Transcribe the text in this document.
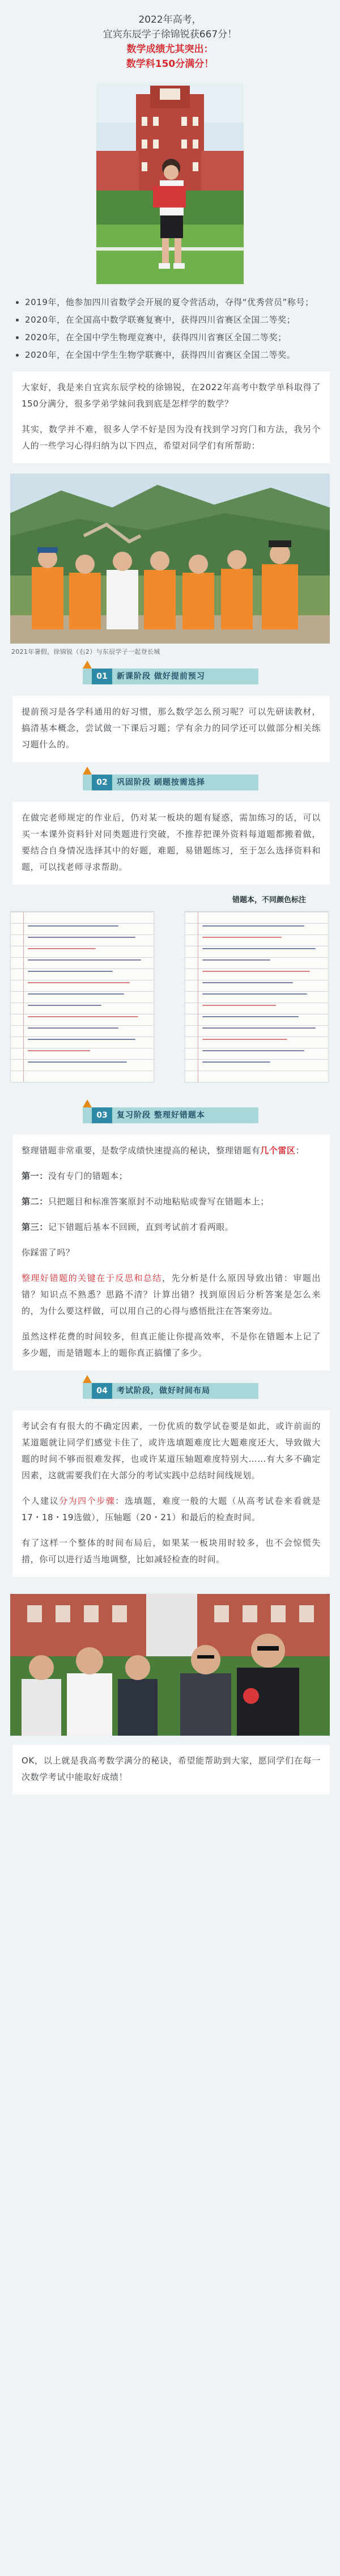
2022年高考，
宜宾东辰学子徐锦锐获667分！
数学成绩尤其突出：
数学科150分满分！
• 2019年，他参加四川省数学会开展的夏令营活动，夺得“优秀营员”称号；
• 2020年，在全国高中数学联赛复赛中，获得四川省赛区全国二等奖；
• 2020年，在全国中学生物理竞赛中，获得四川省赛区全国二等奖；
• 2020年，在全国中学生生物学联赛中，获得四川省赛区全国二等奖。

大家好，我是来自宜宾东辰学校的徐锦锐，在2022年高考中数学单科取得了150分满分，很多学弟学妹问我到底是怎样学的数学？

其实，数学并不难，很多人学不好是因为没有找到学习窍门和方法，我另个人的一些学习心得归纳为以下四点，希望对同学们有所帮助：

2021年暑假，徐锦锐（右2）与东辰学子一起登长城
01	新课阶段 做好提前预习

提前预习是各学科通用的好习惯，那么数学怎么预习呢？可以先研读教材，搞清基本概念，尝试做一下课后习题；学有余力的同学还可以做部分相关练习题什么的。

02	巩固阶段 刷题按需选择

在做完老师规定的作业后，仍对某一板块的题有疑惑，需加练习的话，可以买一本课外资料针对同类题进行突破，不推荐把课外资料每道题都搬着做，要结合自身情况选择其中的好题，难题，易错题练习，至于怎么选择资料和题，可以找老师寻求帮助。

错题本，不同颜色标注
03	复习阶段 整理好错题本

整理错题非常重要，是数学成绩快速提高的秘诀，整理错题有几个雷区：

第一：没有专门的错题本；

第二：只把题目和标准答案原封不动地粘贴或誊写在错题本上；

第三：记下错题后基本不回顾，直到考试前才看两眼。

你踩雷了吗？

整理好错题的关键在于反思和总结，先分析是什么原因导致出错：审题出错？知识点不熟悉？思路不清？计算出错？找到原因后分析答案是怎么来的，为什么要这样做，可以用自己的心得与感悟批注在答案旁边。

虽然这样花费的时间较多，但真正能让你提高效率，不是你在错题本上记了多少题，而是错题本上的题你真正搞懂了多少。

04	考试阶段，做好时间布局

考试会有有很大的不确定因素，一份优质的数学试卷要是如此，或许前面的某道题就让同学们感觉卡住了，或许选填题难度比大题难度还大，导致做大题的时间不够而很难发挥，也或许某道压轴题难度特别大……有大多不确定因素，这就需要我们在大部分的考试实践中总结时间线规划。

个人建议分为四个步骤：选填题，难度一般的大题（从高考试卷来看就是17・18・19选做），压轴题（20・21）和最后的检查时间。

有了这样一个整体的时间布局后，如果某一板块用时较多，也不会惊慌失措，你可以进行适当地调整，比如减轻检查的时间。

OK，以上就是我高考数学满分的秘诀，希望能帮助到大家，愿同学们在每一次数学考试中能取好成绩！
